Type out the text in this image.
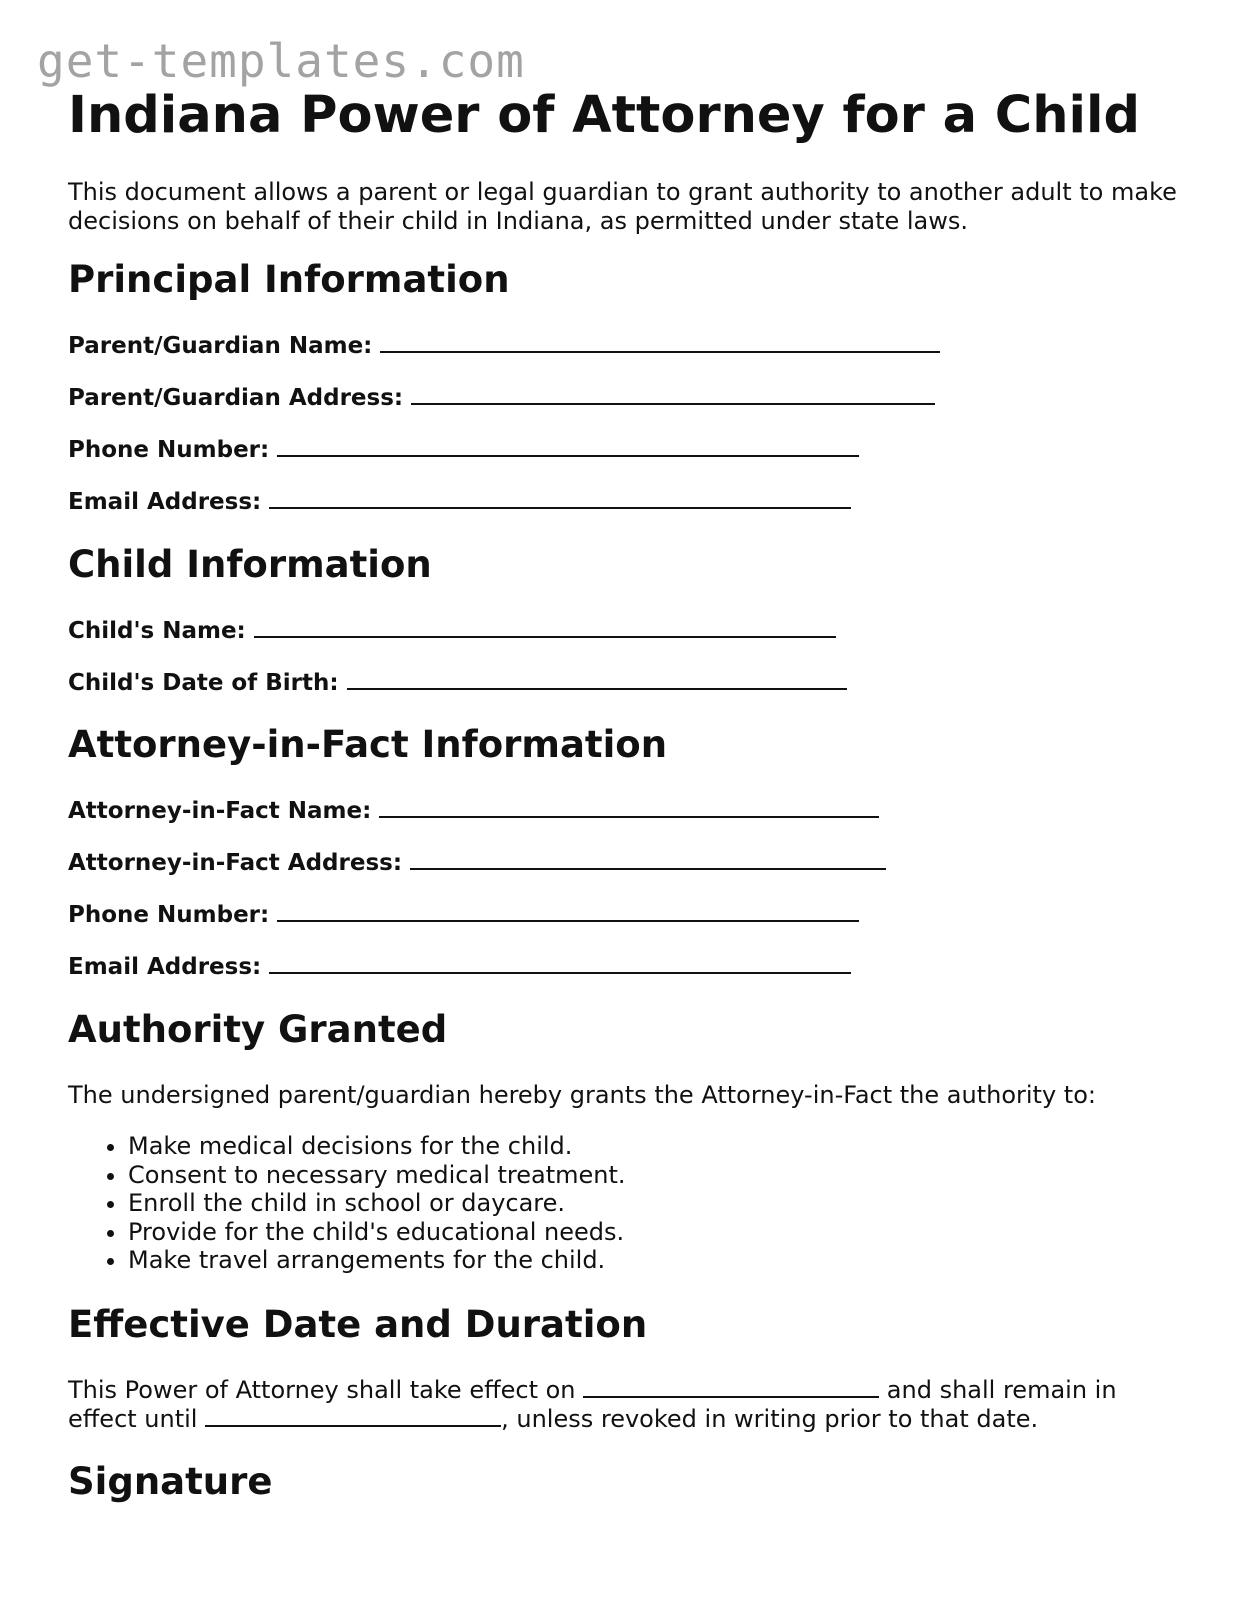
get-templates.com
Indiana Power of Attorney for a Child

This document allows a parent or legal guardian to grant authority to another adult to make decisions on behalf of their child in Indiana, as permitted under state laws.

Principal Information
Parent/Guardian Name:
Parent/Guardian Address:
Phone Number:
Email Address:
Child Information
Child's Name:
Child's Date of Birth:
Attorney-in-Fact Information
Attorney-in-Fact Name:
Attorney-in-Fact Address:
Phone Number:
Email Address:
Authority Granted

The undersigned parent/guardian hereby grants the Attorney-in-Fact the authority to:

• Make medical decisions for the child.
• Consent to necessary medical treatment.
• Enroll the child in school or daycare.
• Provide for the child's educational needs.
• Make travel arrangements for the child.
Effective Date and Duration

This Power of Attorney shall take effect on	and shall remain in
effect until	, unless revoked in writing prior to that date.

Signature
